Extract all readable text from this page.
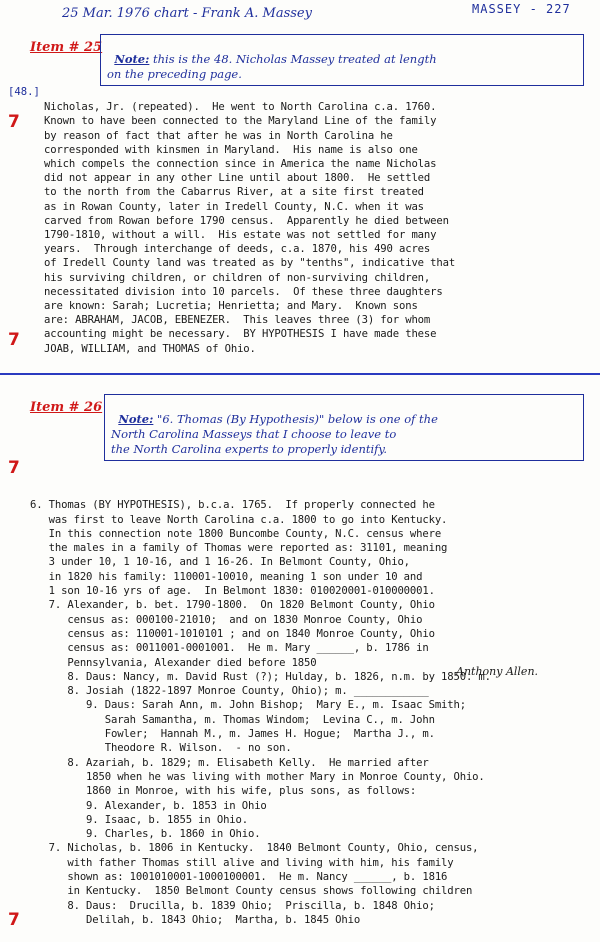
25 Mar. 1976 chart - Frank A. Massey	MASSEY - 227
Item # 25

Note: this is the 48. Nicholas Massey treated at length
on the preceding page.
[48.]

Nicholas, Jr. (repeated).  He went to North Carolina c.a. 1760.
Known to have been connected to the Maryland Line of the family
by reason of fact that after he was in North Carolina he
corresponded with kinsmen in Maryland.  His name is also one
which compels the connection since in America the name Nicholas
did not appear in any other Line until about 1800.  He settled
to the north from the Cabarrus River, at a site first treated
as in Rowan County, later in Iredell County, N.C. when it was
carved from Rowan before 1790 census.  Apparently he died between
1790-1810, without a will.  His estate was not settled for many
years.  Through interchange of deeds, c.a. 1870, his 490 acres
of Iredell County land was treated as by "tenths", indicative that
his surviving children, or children of non-surviving children,
necessitated division into 10 parcels.  Of these three daughters
are known: Sarah; Lucretia; Henrietta; and Mary.  Known sons
are: ABRAHAM, JACOB, EBENEZER.  This leaves three (3) for whom
accounting might be necessary.  BY HYPOTHESIS I have made these
JOAB, WILLIAM, and THOMAS of Ohio.

7
7
Item # 26

Note: "6. Thomas (By Hypothesis)" below is one of the
North Carolina Masseys that I choose to leave to
the North Carolina experts to properly identify.
7

6. Thomas (BY HYPOTHESIS), b.c.a. 1765.  If properly connected he
was first to leave North Carolina c.a. 1800 to go into Kentucky.
In this connection note 1800 Buncombe County, N.C. census where
the males in a family of Thomas were reported as: 31101, meaning
3 under 10, 1 10-16, and 1 16-26. In Belmont County, Ohio,
in 1820 his family: 110001-10010, meaning 1 son under 10 and
1 son 10-16 yrs of age.  In Belmont 1830: 010020001-010000001.
7. Alexander, b. bet. 1790-1800.  On 1820 Belmont County, Ohio
census as: 000100-21010;  and on 1830 Monroe County, Ohio
census as: 110001-1010101 ; and on 1840 Monroe County, Ohio
census as: 0011001-0001001.  He m. Mary ______, b. 1786 in
Pennsylvania, Alexander died before 1850
8. Daus: Nancy, m. David Rust (?); Hulday, b. 1826, n.m. by 1850. m.
8. Josiah (1822-1897 Monroe County, Ohio); m. ____________
9. Daus: Sarah Ann, m. John Bishop;  Mary E., m. Isaac Smith;
Sarah Samantha, m. Thomas Windom;  Levina C., m. John
Fowler;  Hannah M., m. James H. Hogue;  Martha J., m.
Theodore R. Wilson.  - no son.
8. Azariah, b. 1829; m. Elisabeth Kelly.  He married after
1850 when he was living with mother Mary in Monroe County, Ohio.
1860 in Monroe, with his wife, plus sons, as follows:
9. Alexander, b. 1853 in Ohio
9. Isaac, b. 1855 in Ohio.
9. Charles, b. 1860 in Ohio.
7. Nicholas, b. 1806 in Kentucky.  1840 Belmont County, Ohio, census,
with father Thomas still alive and living with him, his family
shown as: 1001010001-1000100001.  He m. Nancy ______, b. 1816
in Kentucky.  1850 Belmont County census shows following children
8. Daus:  Drucilla, b. 1839 Ohio;  Priscilla, b. 1848 Ohio;
Delilah, b. 1843 Ohio;  Martha, b. 1845 Ohio

Anthony Allen.
7
